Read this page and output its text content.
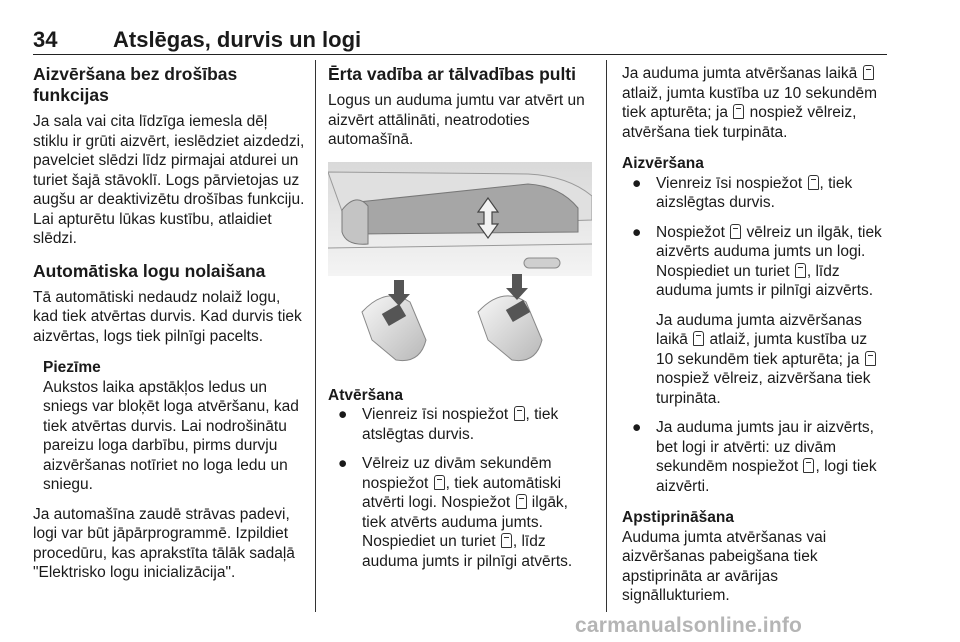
34	Atslēgas, durvis un logi
Aizvēršana bez drošības funkcijas

Ja sala vai cita līdzīga iemesla dēļ stiklu ir grūti aizvērt, ieslēdziet aizdedzi, pavelciet slēdzi līdz pirmajai atdurei un turiet šajā stāvoklī. Logs pārvietojas uz augšu ar deaktivizētu drošības funkciju. Lai apturētu lūkas kustību, atlaidiet slēdzi.

Automātiska logu nolaišana

Tā automātiski nedaudz nolaiž logu, kad tiek atvērtas durvis. Kad durvis tiek aizvērtas, logs tiek pilnīgi pacelts.

Piezīme
Aukstos laika apstākļos ledus un sniegs var bloķēt loga atvēršanu, kad tiek atvērtas durvis. Lai nodrošinātu pareizu loga darbību, pirms durvju aizvēršanas notīriet no loga ledu un sniegu.

Ja automašīna zaudē strāvas padevi, logi var būt jāpārprogrammē. Izpildiet procedūru, kas aprakstīta tālāk sadaļā "Elektrisko logu inicializācija".

Ērta vadība ar tālvadības pulti

Logus un auduma jumtu var atvērt un aizvērt attālināti, neatrodoties automašīnā.

Atvēršana
● Vienreiz īsi nospiežot , tiek atslēgtas durvis.
● Vēlreiz uz divām sekundēm nospiežot , tiek automātiski atvērti logi. Nospiežot  ilgāk, tiek atvērts auduma jumts. Nospiediet un turiet , līdz auduma jumts ir pilnīgi atvērts.

Ja auduma jumta atvēršanas laikā  atlaiž, jumta kustība uz 10 sekundēm tiek apturēta; ja  nospiež vēlreiz, atvēršana tiek turpināta.

Aizvēršana
● Vienreiz īsi nospiežot , tiek aizslēgtas durvis.
● Nospiežot  vēlreiz un ilgāk, tiek aizvērts auduma jumts un logi. Nospiediet un turiet , līdz auduma jumts ir pilnīgi aizvērts.
Ja auduma jumta aizvēršanas laikā  atlaiž, jumta kustība uz 10 sekundēm tiek apturēta; ja  nospiež vēlreiz, aizvēršana tiek turpināta.
● Ja auduma jumts jau ir aizvērts, bet logi ir atvērti: uz divām sekundēm nospiežot , logi tiek aizvērti.
Apstiprināšana

Auduma jumta atvēršanas vai aizvēršanas pabeigšana tiek apstiprināta ar avārijas signāllukturiem.

carmanualsonline.info
